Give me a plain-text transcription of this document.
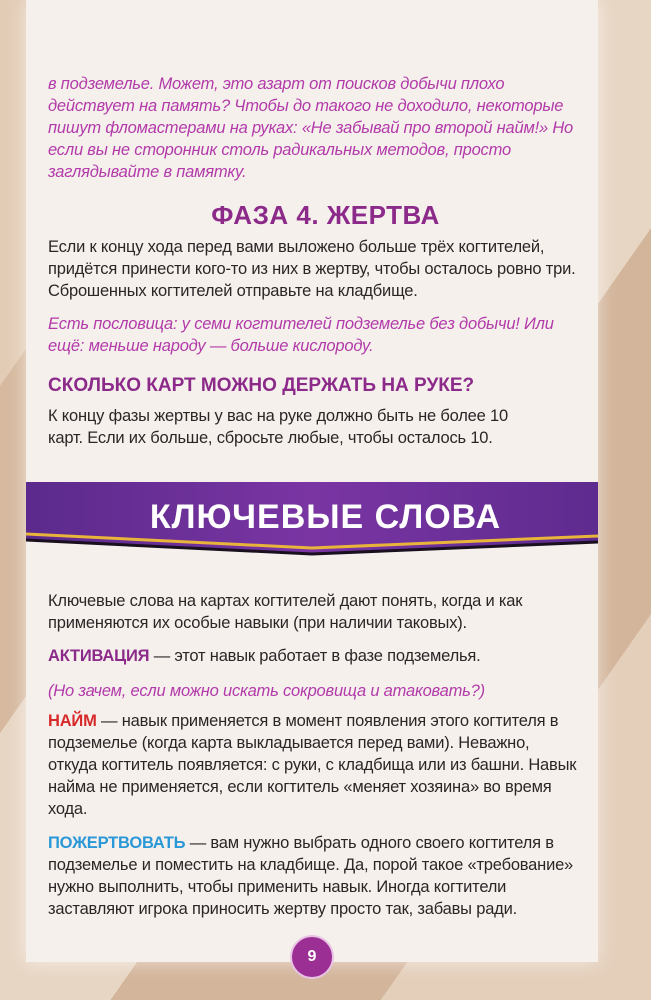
в подземелье. Может, это азарт от поисков добычи плохо действует на память? Чтобы до такого не доходило, некоторые пишут фломастерами на руках: «Не забывай про второй найм!» Но если вы не сторонник столь радикальных методов, просто заглядывайте в памятку.

ФАЗА 4. ЖЕРТВА

Если к концу хода перед вами выложено больше трёх когтителей, придётся принести кого-то из них в жертву, чтобы осталось ровно три. Сброшенных когтителей отправьте на кладбище.

Есть пословица: у семи когтителей подземелье без добычи! Или ещё: меньше народу — больше кислороду.

СКОЛЬКО КАРТ МОЖНО ДЕРЖАТЬ НА РУКЕ?

К концу фазы жертвы у вас на руке должно быть не более 10 карт. Если их больше, сбросьте любые, чтобы осталось 10.

КЛЮЧЕВЫЕ СЛОВА

Ключевые слова на картах когтителей дают понять, когда и как применяются их особые навыки (при наличии таковых).

АКТИВАЦИЯ — этот навык работает в фазе подземелья.

(Но зачем, если можно искать сокровища и атаковать?)

НАЙМ — навык применяется в момент появления этого когтителя в подземелье (когда карта выкладывается перед вами). Неважно, откуда когтитель появляется: с руки, с кладбища или из башни. Навык найма не применяется, если когтитель «меняет хозяина» во время хода.

ПОЖЕРТВОВАТЬ — вам нужно выбрать одного своего когтителя в подземелье и поместить на кладбище. Да, порой такое «требование» нужно выполнить, чтобы применить навык. Иногда когтители заставляют игрока приносить жертву просто так, забавы ради.

9
